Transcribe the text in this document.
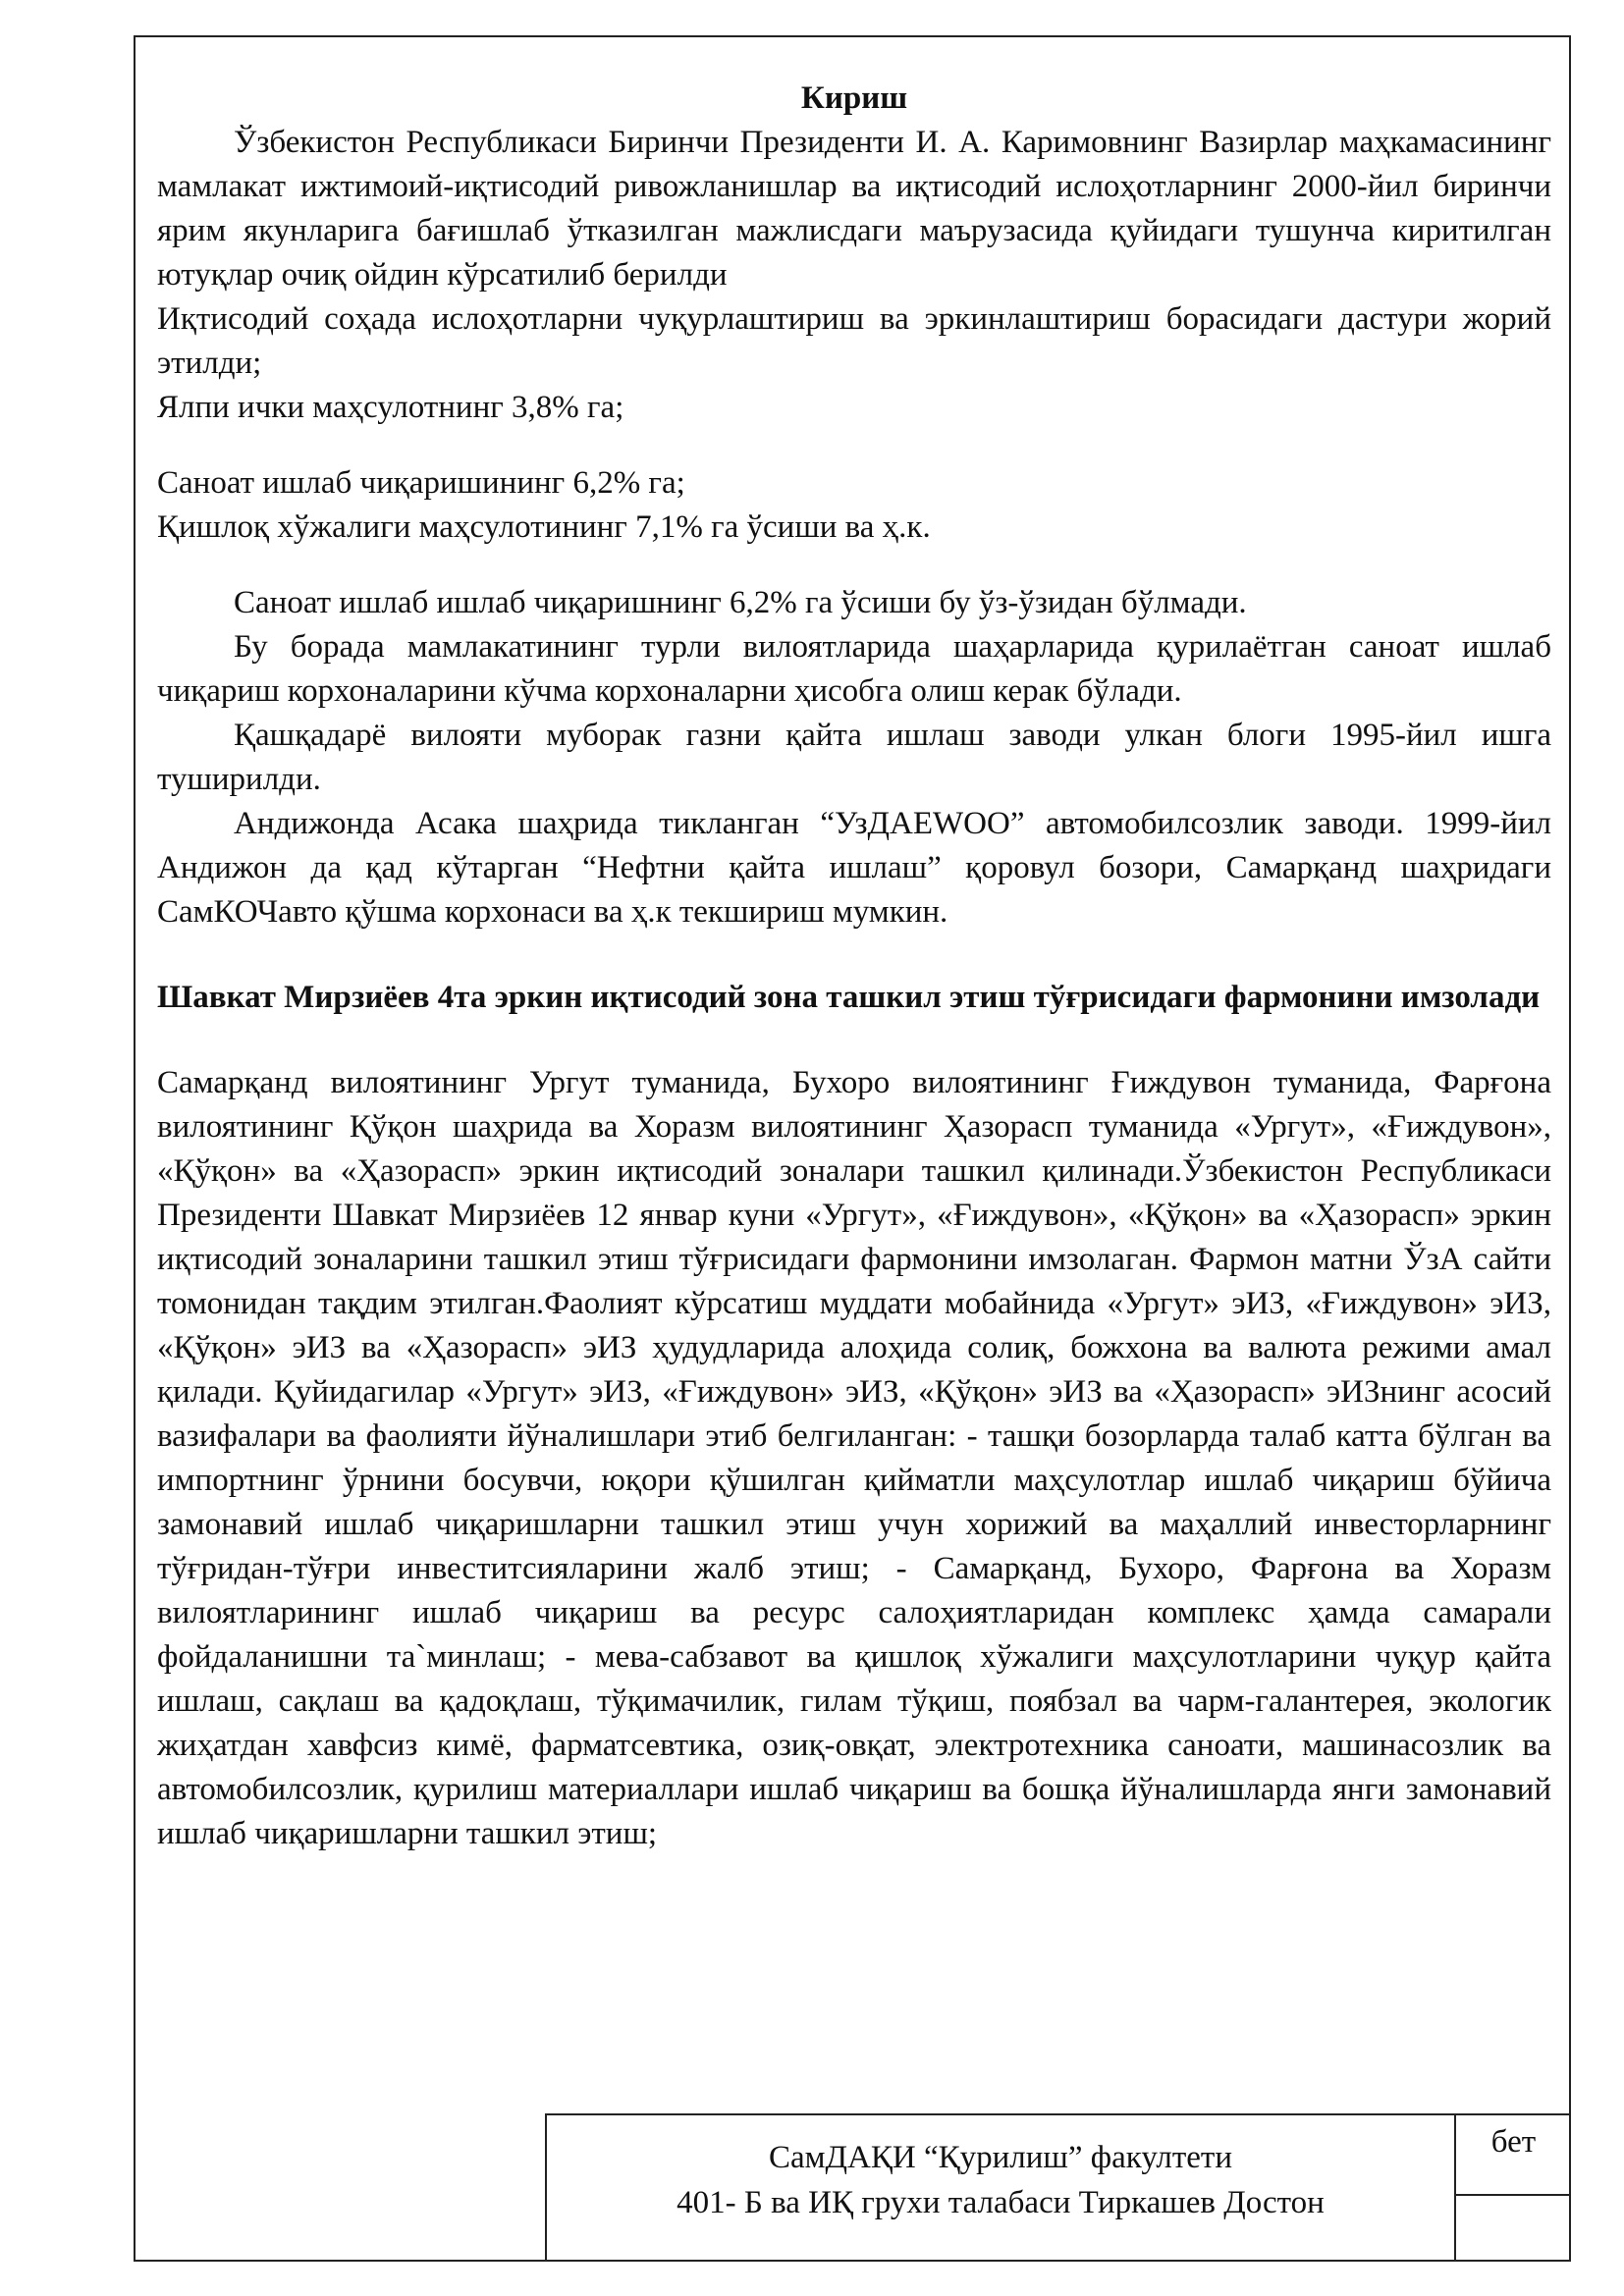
Кириш

Ўзбекистон Республикаси Биринчи Президенти И. А. Каримовнинг Вазирлар маҳкамасининг мамлакат ижтимоий-иқтисодий ривожланишлар ва иқтисодий ислоҳотларнинг 2000-йил биринчи ярим якунларига бағишлаб ўтказилган мажлисдаги маърузасида қуйидаги тушунча киритилган ютуқлар очиқ ойдин кўрсатилиб берилди

Иқтисодий соҳада ислоҳотларни чуқурлаштириш ва эркинлаштириш борасидаги дастури жорий этилди;

Ялпи ички маҳсулотнинг 3,8% га;

Саноат ишлаб чиқаришининг 6,2% га;

Қишлоқ хўжалиги маҳсулотининг 7,1% га ўсиши ва ҳ.к.

Саноат ишлаб ишлаб чиқаришнинг 6,2% га ўсиши бу ўз-ўзидан бўлмади.

Бу борада мамлакатининг турли вилоятларида шаҳарларида қурилаётган саноат ишлаб чиқариш корхоналарини кўчма корхоналарни ҳисобга олиш керак бўлади.

Қашқадарё вилояти муборак газни қайта ишлаш заводи улкан блоги 1995-йил ишга туширилди.

Андижонда Асака шаҳрида тикланган “УзДАЕWOO” автомобилсозлик заводи. 1999-йил Андижон да қад кўтарган “Нефтни қайта ишлаш” қоровул бозори, Самарқанд шаҳридаги СамКОЧавто қўшма корхонаси ва ҳ.к текшириш мумкин.

Шавкат Мирзиёев 4та эркин иқтисодий зона ташкил этиш тўғрисидаги фармонини имзолади

Самарқанд вилоятининг Ургут туманида, Бухоро вилоятининг Ғиждувон туманида, Фарғона вилоятининг Қўқон шаҳрида ва Хоразм вилоятининг Ҳазорасп туманида «Ургут», «Ғиждувон», «Қўқон» ва «Ҳазорасп» эркин иқтисодий зоналари ташкил қилинади.Ўзбекистон Республикаси Президенти Шавкат Мирзиёев 12 январ куни «Ургут», «Ғиждувон», «Қўқон» ва «Ҳазорасп» эркин иқтисодий зоналарини ташкил этиш тўғрисидаги фармонини имзолаган. Фармон матни ЎзА сайти томонидан тақдим этилган.Фаолият кўрсатиш муддати мобайнида «Ургут» эИЗ, «Ғиждувон» эИЗ, «Қўқон» эИЗ ва «Ҳазорасп» эИЗ ҳудудларида алоҳида солиқ, божхона ва валюта режими амал қилади. Қуйидагилар «Ургут» эИЗ, «Ғиждувон» эИЗ, «Қўқон» эИЗ ва «Ҳазорасп» эИЗнинг асосий вазифалари ва фаолияти йўналишлари этиб белгиланган: - ташқи бозорларда талаб катта бўлган ва импортнинг ўрнини босувчи, юқори қўшилган қийматли маҳсулотлар ишлаб чиқариш бўйича замонавий ишлаб чиқаришларни ташкил этиш учун хорижий ва маҳаллий инвесторларнинг тўғридан-тўғри инвеститсияларини жалб этиш; - Самарқанд, Бухоро, Фарғона ва Хоразм вилоятларининг ишлаб чиқариш ва ресурс салоҳиятларидан комплекс ҳамда самарали фойдаланишни та`минлаш; - мева-сабзавот ва қишлоқ хўжалиги маҳсулотларини чуқур қайта ишлаш, сақлаш ва қадоқлаш, тўқимачилик, гилам тўқиш, поябзал ва чарм-галантерея, экологик жиҳатдан хавфсиз кимё, фарматсевтика, озиқ-овқат, электротехника саноати, машинасозлик ва автомобилсозлик, қурилиш материаллари ишлаб чиқариш ва бошқа йўналишларда янги замонавий ишлаб чиқаришларни ташкил этиш;

СамДАҚИ “Қурилиш” факултети
401- Б ва ИҚ грухи талабаси Тиркашев Достон
бет
